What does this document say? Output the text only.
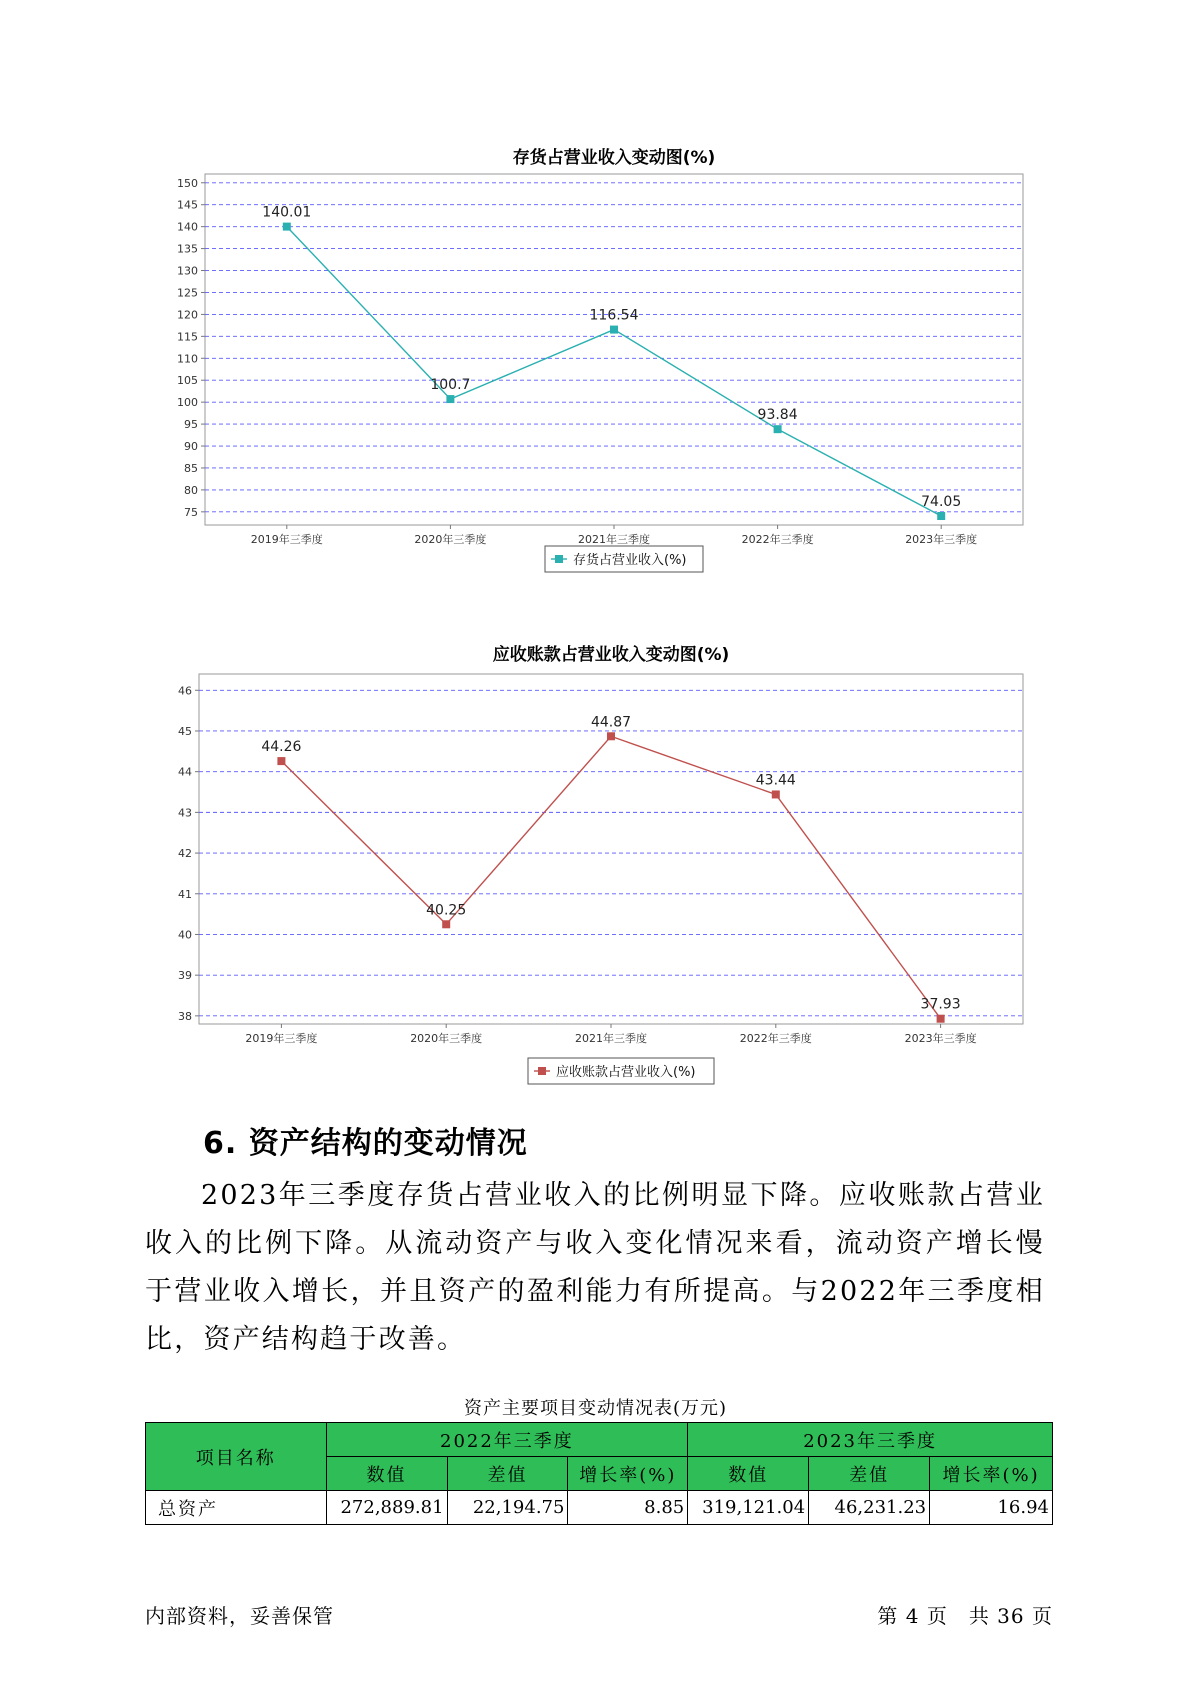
存货占营业收入变动图(%)
75
80
85
90
95
100
105
110
115
120
125
130
135
140
145
150
2019年三季度	2020年三季度	2021年三季度	2022年三季度	2023年三季度
140.01
100.7
116.54
93.84
74.05
存货占营业收入(%)
应收账款占营业收入变动图(%)
38
39
40
41
42
43
44
45
46
2019年三季度	2020年三季度	2021年三季度	2022年三季度	2023年三季度
44.26
40.25
44.87
43.44
37.93
应收账款占营业收入(%)
6. 资产结构的变动情况
2023年三季度存货占营业收入的比例明显下降。应收账款占营业收入的比例下降。从流动资产与收入变化情况来看，流动资产增长慢于营业收入增长，并且资产的盈利能力有所提高。与2022年三季度相比，资产结构趋于改善。
资产主要项目变动情况表(万元)
项目名称	2022年三季度			2023年三季度		
	数值	差值	增长率(%)	数值	差值	增长率(%)
总资产	272,889.81	22,194.75	8.85	319,121.04	46,231.23	16.94
内部资料，妥善保管	第 4 页　共 36 页
